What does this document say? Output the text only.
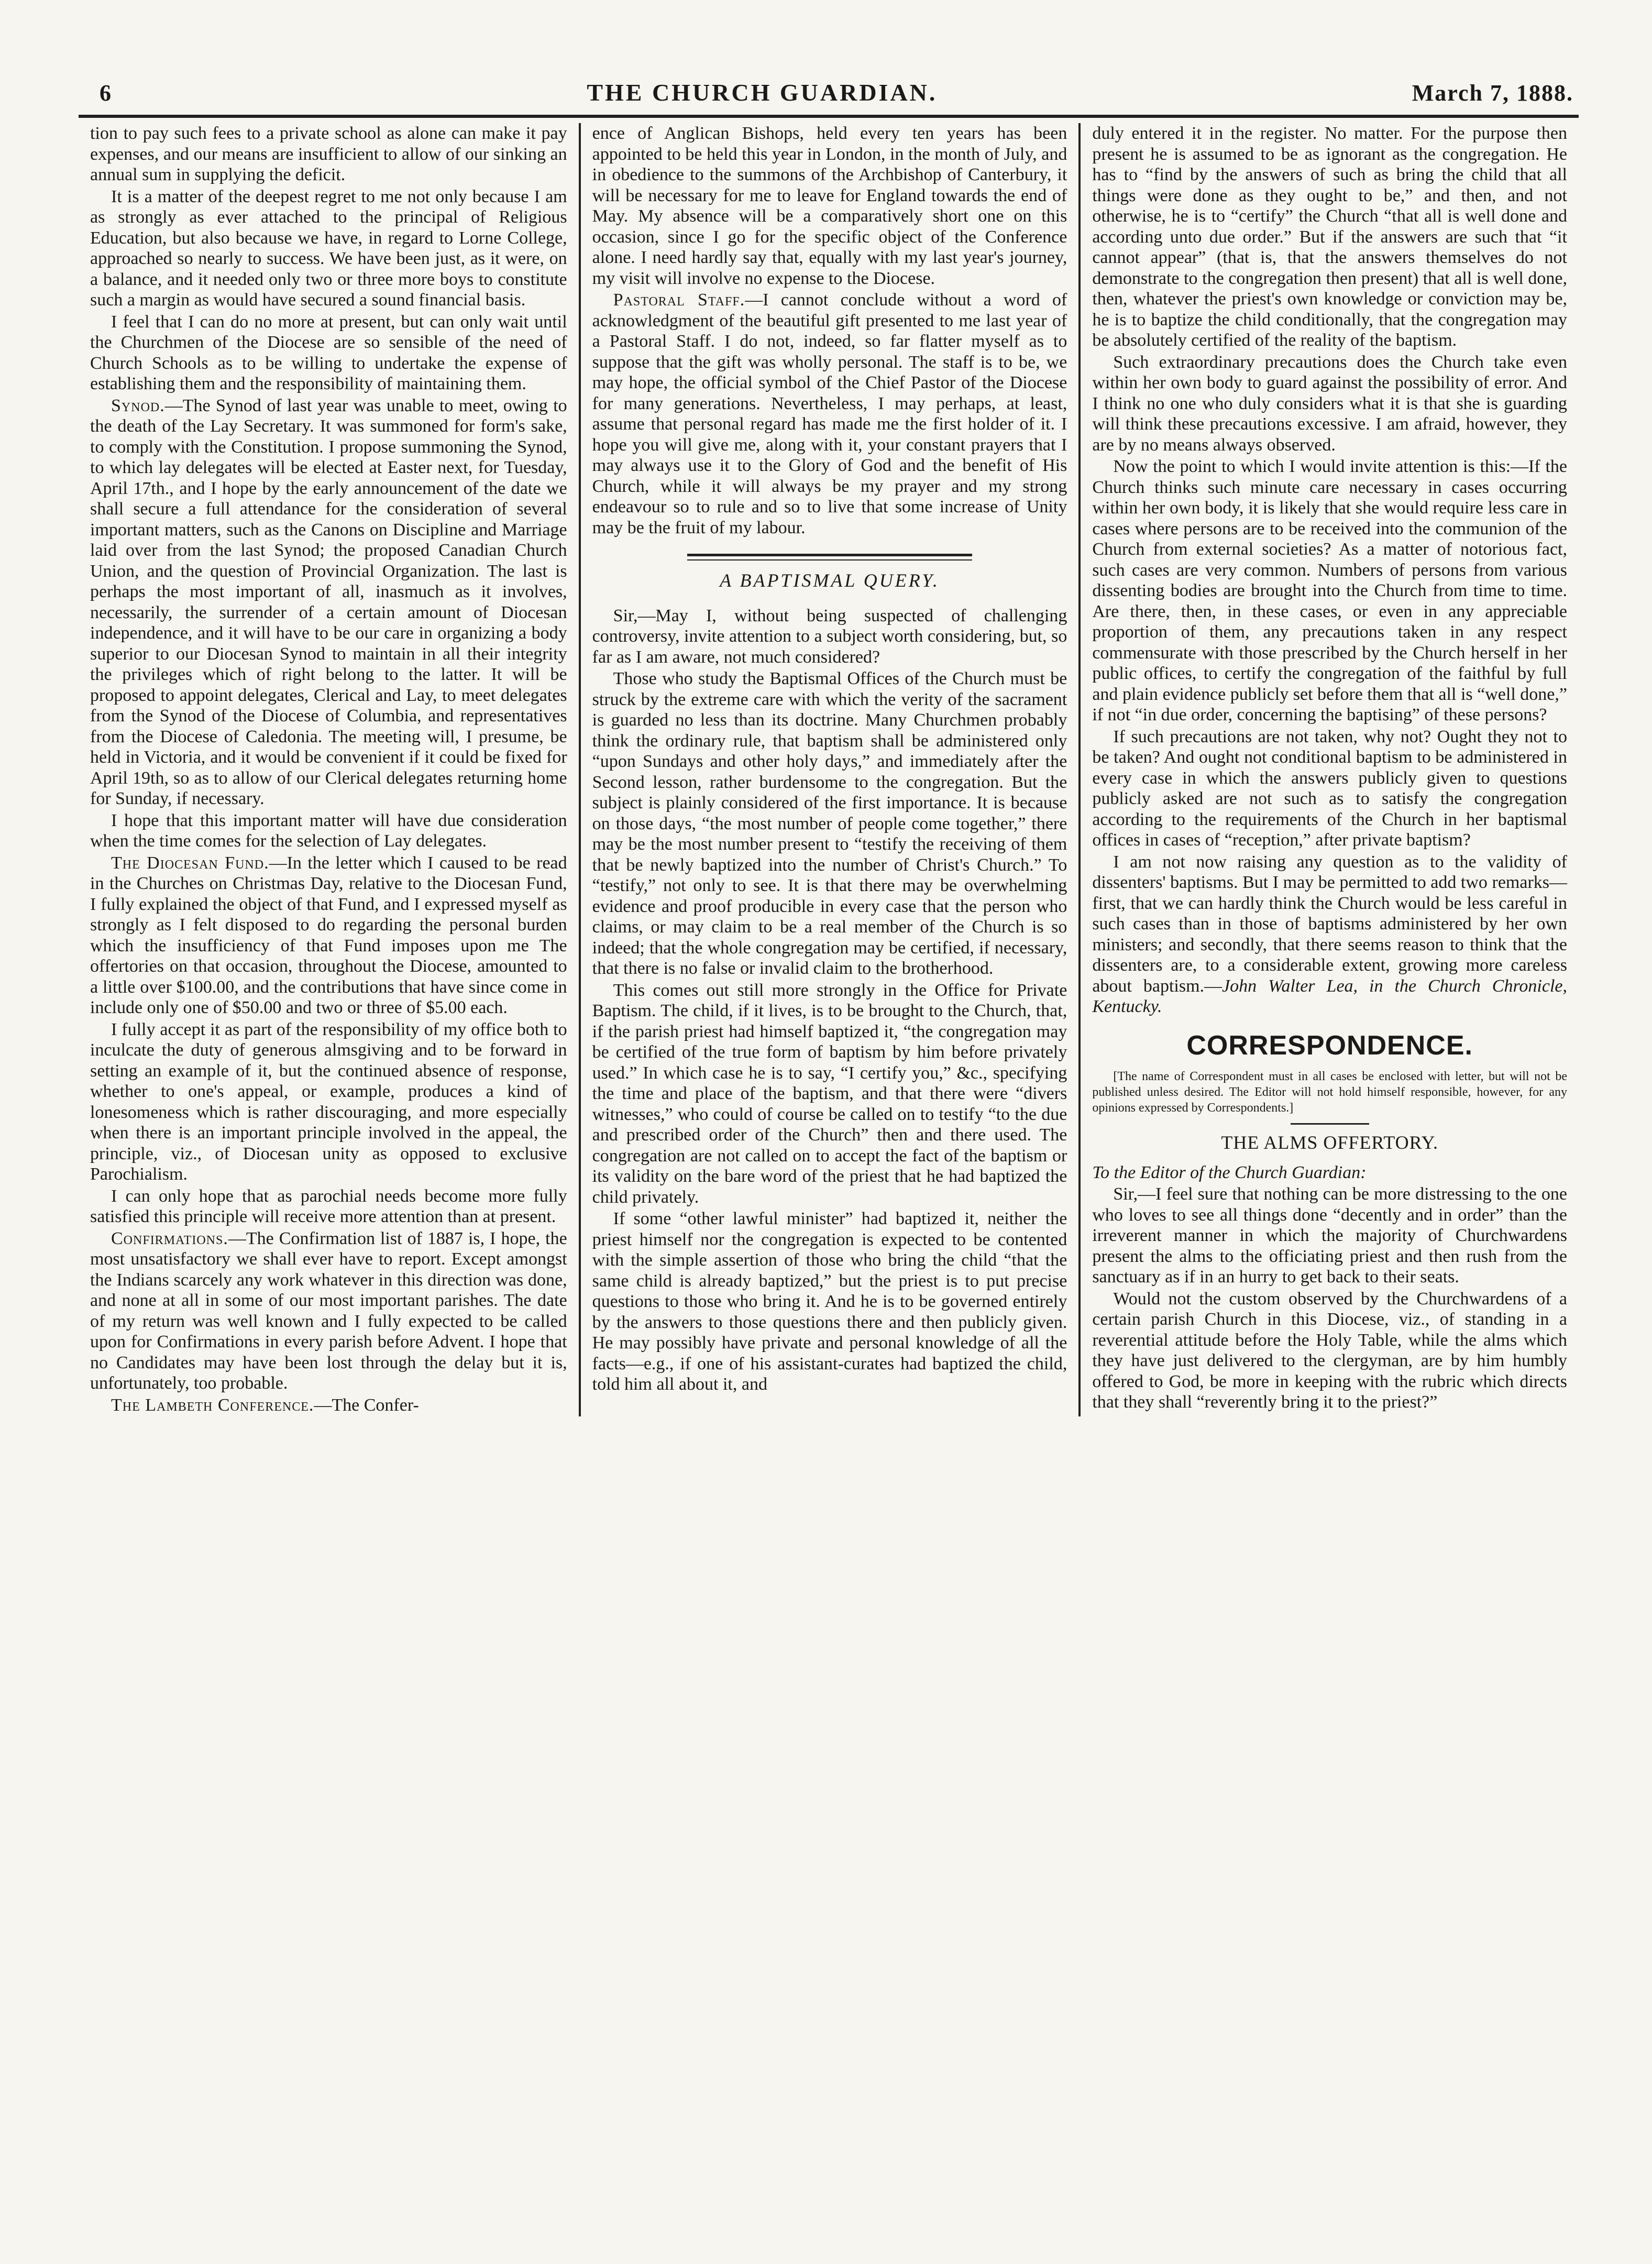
6	THE CHURCH GUARDIAN.	March 7, 1888.

tion to pay such fees to a private school as alone can make it pay expenses, and our means are insufficient to allow of our sinking an annual sum in supplying the deficit.

It is a matter of the deepest regret to me not only because I am as strongly as ever attached to the principal of Religious Education, but also because we have, in regard to Lorne College, approached so nearly to success. We have been just, as it were, on a balance, and it needed only two or three more boys to constitute such a margin as would have secured a sound financial basis.

I feel that I can do no more at present, but can only wait until the Churchmen of the Diocese are so sensible of the need of Church Schools as to be willing to undertake the expense of establishing them and the responsibility of maintaining them.

Synod.—The Synod of last year was unable to meet, owing to the death of the Lay Secretary. It was summoned for form's sake, to comply with the Constitution. I propose summoning the Synod, to which lay delegates will be elected at Easter next, for Tuesday, April 17th., and I hope by the early announcement of the date we shall secure a full attendance for the consideration of several important matters, such as the Canons on Discipline and Marriage laid over from the last Synod; the proposed Canadian Church Union, and the question of Provincial Organization. The last is perhaps the most important of all, inasmuch as it involves, necessarily, the surrender of a certain amount of Diocesan independence, and it will have to be our care in organizing a body superior to our Diocesan Synod to maintain in all their integrity the privileges which of right belong to the latter. It will be proposed to appoint delegates, Clerical and Lay, to meet delegates from the Synod of the Diocese of Columbia, and representatives from the Diocese of Caledonia. The meeting will, I presume, be held in Victoria, and it would be convenient if it could be fixed for April 19th, so as to allow of our Clerical delegates returning home for Sunday, if necessary.

I hope that this important matter will have due consideration when the time comes for the selection of Lay delegates.

The Diocesan Fund.—In the letter which I caused to be read in the Churches on Christmas Day, relative to the Diocesan Fund, I fully explained the object of that Fund, and I expressed myself as strongly as I felt disposed to do regarding the personal burden which the insufficiency of that Fund imposes upon me The offertories on that occasion, throughout the Diocese, amounted to a little over $100.00, and the contributions that have since come in include only one of $50.00 and two or three of $5.00 each.

I fully accept it as part of the responsibility of my office both to inculcate the duty of generous almsgiving and to be forward in setting an example of it, but the continued absence of response, whether to one's appeal, or example, produces a kind of lonesomeness which is rather discouraging, and more especially when there is an important principle involved in the appeal, the principle, viz., of Diocesan unity as opposed to exclusive Parochialism.

I can only hope that as parochial needs become more fully satisfied this principle will receive more attention than at present.

Confirmations.—The Confirmation list of 1887 is, I hope, the most unsatisfactory we shall ever have to report. Except amongst the Indians scarcely any work whatever in this direction was done, and none at all in some of our most important parishes. The date of my return was well known and I fully expected to be called upon for Confirmations in every parish before Advent. I hope that no Candidates may have been lost through the delay but it is, unfortunately, too probable.

The Lambeth Conference.—The Confer-

ence of Anglican Bishops, held every ten years has been appointed to be held this year in London, in the month of July, and in obedience to the summons of the Archbishop of Canterbury, it will be necessary for me to leave for England towards the end of May. My absence will be a comparatively short one on this occasion, since I go for the specific object of the Conference alone. I need hardly say that, equally with my last year's journey, my visit will involve no expense to the Diocese.

Pastoral Staff.—I cannot conclude without a word of acknowledgment of the beautiful gift presented to me last year of a Pastoral Staff. I do not, indeed, so far flatter myself as to suppose that the gift was wholly personal. The staff is to be, we may hope, the official symbol of the Chief Pastor of the Diocese for many generations. Nevertheless, I may perhaps, at least, assume that personal regard has made me the first holder of it. I hope you will give me, along with it, your constant prayers that I may always use it to the Glory of God and the benefit of His Church, while it will always be my prayer and my strong endeavour so to rule and so to live that some increase of Unity may be the fruit of my labour.

A BAPTISMAL QUERY.

Sir,—May I, without being suspected of challenging controversy, invite attention to a subject worth considering, but, so far as I am aware, not much considered?

Those who study the Baptismal Offices of the Church must be struck by the extreme care with which the verity of the sacrament is guarded no less than its doctrine. Many Churchmen probably think the ordinary rule, that baptism shall be administered only “upon Sundays and other holy days,” and immediately after the Second lesson, rather burdensome to the congregation. But the subject is plainly considered of the first importance. It is because on those days, “the most number of people come together,” there may be the most number present to “testify the receiving of them that be newly baptized into the number of Christ's Church.” To “testify,” not only to see. It is that there may be overwhelming evidence and proof producible in every case that the person who claims, or may claim to be a real member of the Church is so indeed; that the whole congregation may be certified, if necessary, that there is no false or invalid claim to the brotherhood.

This comes out still more strongly in the Office for Private Baptism. The child, if it lives, is to be brought to the Church, that, if the parish priest had himself baptized it, “the congregation may be certified of the true form of baptism by him before privately used.” In which case he is to say, “I certify you,” &c., specifying the time and place of the baptism, and that there were “divers witnesses,” who could of course be called on to testify “to the due and prescribed order of the Church” then and there used. The congregation are not called on to accept the fact of the baptism or its validity on the bare word of the priest that he had baptized the child privately.

If some “other lawful minister” had baptized it, neither the priest himself nor the congregation is expected to be contented with the simple assertion of those who bring the child “that the same child is already baptized,” but the priest is to put precise questions to those who bring it. And he is to be governed entirely by the answers to those questions there and then publicly given. He may possibly have private and personal knowledge of all the facts—e.g., if one of his assistant-curates had baptized the child, told him all about it, and

duly entered it in the register. No matter. For the purpose then present he is assumed to be as ignorant as the congregation. He has to “find by the answers of such as bring the child that all things were done as they ought to be,” and then, and not otherwise, he is to “certify” the Church “that all is well done and according unto due order.” But if the answers are such that “it cannot appear” (that is, that the answers themselves do not demonstrate to the congregation then present) that all is well done, then, whatever the priest's own knowledge or conviction may be, he is to baptize the child conditionally, that the congregation may be absolutely certified of the reality of the baptism.

Such extraordinary precautions does the Church take even within her own body to guard against the possibility of error. And I think no one who duly considers what it is that she is guarding will think these precautions excessive. I am afraid, however, they are by no means always observed.

Now the point to which I would invite attention is this:—If the Church thinks such minute care necessary in cases occurring within her own body, it is likely that she would require less care in cases where persons are to be received into the communion of the Church from external societies? As a matter of notorious fact, such cases are very common. Numbers of persons from various dissenting bodies are brought into the Church from time to time. Are there, then, in these cases, or even in any appreciable proportion of them, any precautions taken in any respect commensurate with those prescribed by the Church herself in her public offices, to certify the congregation of the faithful by full and plain evidence publicly set before them that all is “well done,” if not “in due order, concerning the baptising” of these persons?

If such precautions are not taken, why not? Ought they not to be taken? And ought not conditional baptism to be administered in every case in which the answers publicly given to questions publicly asked are not such as to satisfy the congregation according to the requirements of the Church in her baptismal offices in cases of “reception,” after private baptism?

I am not now raising any question as to the validity of dissenters' baptisms. But I may be permitted to add two remarks—first, that we can hardly think the Church would be less careful in such cases than in those of baptisms administered by her own ministers; and secondly, that there seems reason to think that the dissenters are, to a considerable extent, growing more careless about baptism.—John Walter Lea, in the Church Chronicle, Kentucky.

CORRESPONDENCE.

[The name of Correspondent must in all cases be enclosed with letter, but will not be published unless desired. The Editor will not hold himself responsible, however, for any opinions expressed by Correspondents.]

THE ALMS OFFERTORY.

To the Editor of the Church Guardian:

Sir,—I feel sure that nothing can be more distressing to the one who loves to see all things done “decently and in order” than the irreverent manner in which the majority of Churchwardens present the alms to the officiating priest and then rush from the sanctuary as if in an hurry to get back to their seats.

Would not the custom observed by the Churchwardens of a certain parish Church in this Diocese, viz., of standing in a reverential attitude before the Holy Table, while the alms which they have just delivered to the clergyman, are by him humbly offered to God, be more in keeping with the rubric which directs that they shall “reverently bring it to the priest?”
